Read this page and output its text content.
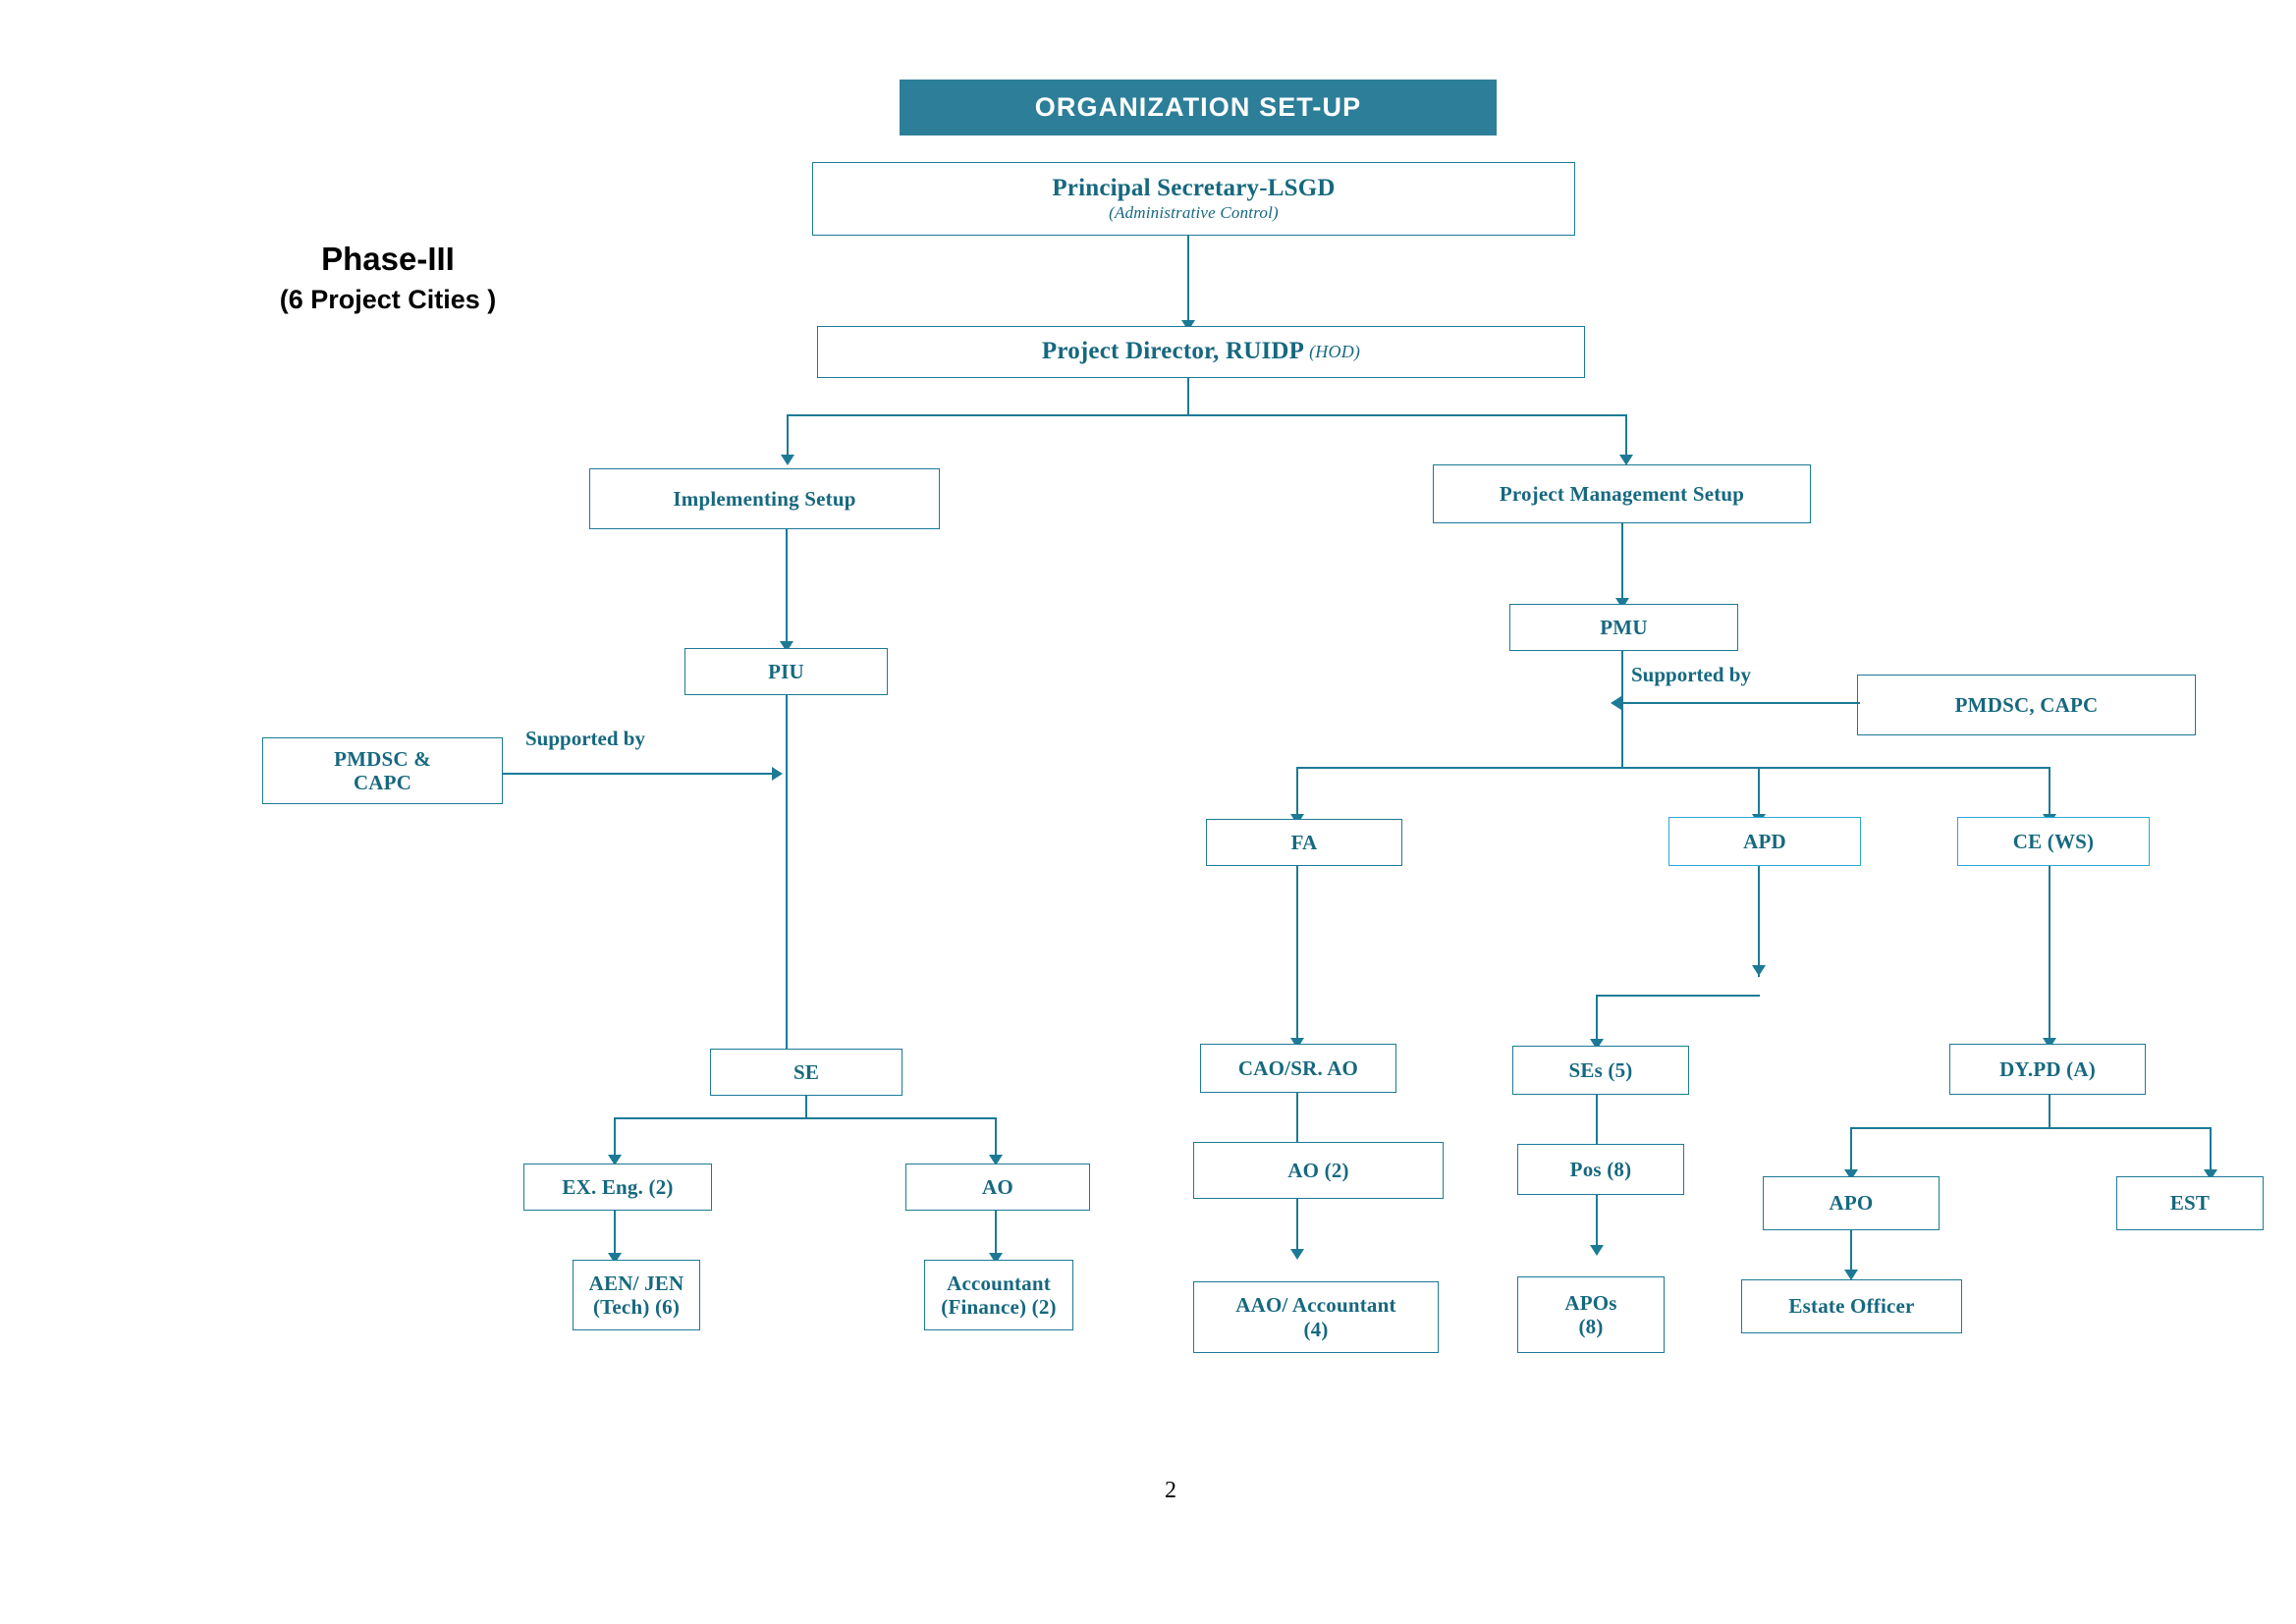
ORGANIZATION SET-UP
Phase-III
(6 Project Cities )
Principal Secretary-LSGD
(Administrative Control)
Project Director, RUIDP (HOD)
Implementing Setup	Project Management Setup
PIU
PMU
PMDSC &
CAPC
Supported by
PMDSC, CAPC
Supported by
FA	APD	CE (WS)
SE
EX. Eng. (2)	AO
AEN/ JEN
(Tech) (6)
Accountant
(Finance) (2)
CAO/SR. AO
AO (2)
AAO/ Accountant
(4)
SEs (5)
Pos (8)
APOs
(8)
DY.PD (A)
APO	EST
Estate Officer
2
